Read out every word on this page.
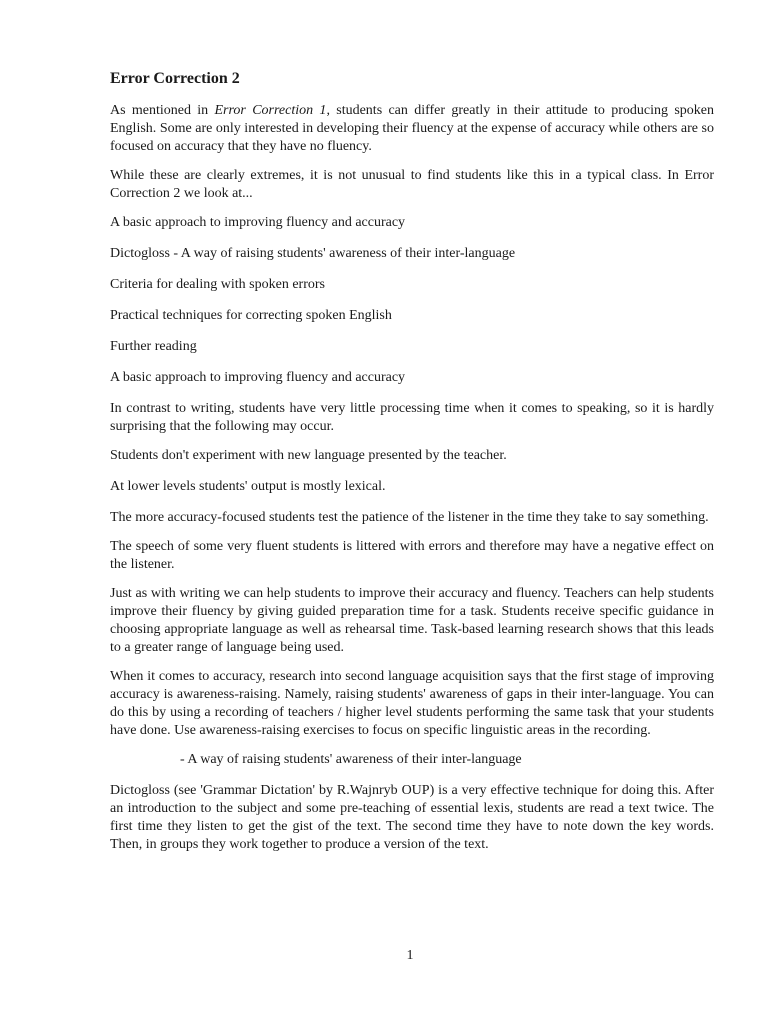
Error Correction 2

As mentioned in Error Correction 1, students can differ greatly in their attitude to producing spoken English. Some are only interested in developing their fluency at the expense of accuracy while others are so focused on accuracy that they have no fluency.

While these are clearly extremes, it is not unusual to find students like this in a typical class. In Error Correction 2 we look at...

A basic approach to improving fluency and accuracy

Dictogloss - A way of raising students' awareness of their inter-language

Criteria for dealing with spoken errors

Practical techniques for correcting spoken English

Further reading

A basic approach to improving fluency and accuracy

In contrast to writing, students have very little processing time when it comes to speaking, so it is hardly surprising that the following may occur.

Students don't experiment with new language presented by the teacher.

At lower levels students' output is mostly lexical.

The more accuracy-focused students test the patience of the listener in the time they take to say something.

The speech of some very fluent students is littered with errors and therefore may have a negative effect on the listener.

Just as with writing we can help students to improve their accuracy and fluency. Teachers can help students improve their fluency by giving guided preparation time for a task. Students receive specific guidance in choosing appropriate language as well as rehearsal time. Task-based learning research shows that this leads to a greater range of language being used.

When it comes to accuracy, research into second language acquisition says that the first stage of improving accuracy is awareness-raising. Namely, raising students' awareness of gaps in their inter-language. You can do this by using a recording of teachers / higher level students performing the same task that your students have done. Use awareness-raising exercises to focus on specific linguistic areas in the recording.

- A way of raising students' awareness of their inter-language

Dictogloss (see 'Grammar Dictation' by R.Wajnryb OUP) is a very effective technique for doing this. After an introduction to the subject and some pre-teaching of essential lexis, students are read a text twice. The first time they listen to get the gist of the text. The second time they have to note down the key words. Then, in groups they work together to produce a version of the text.

1
